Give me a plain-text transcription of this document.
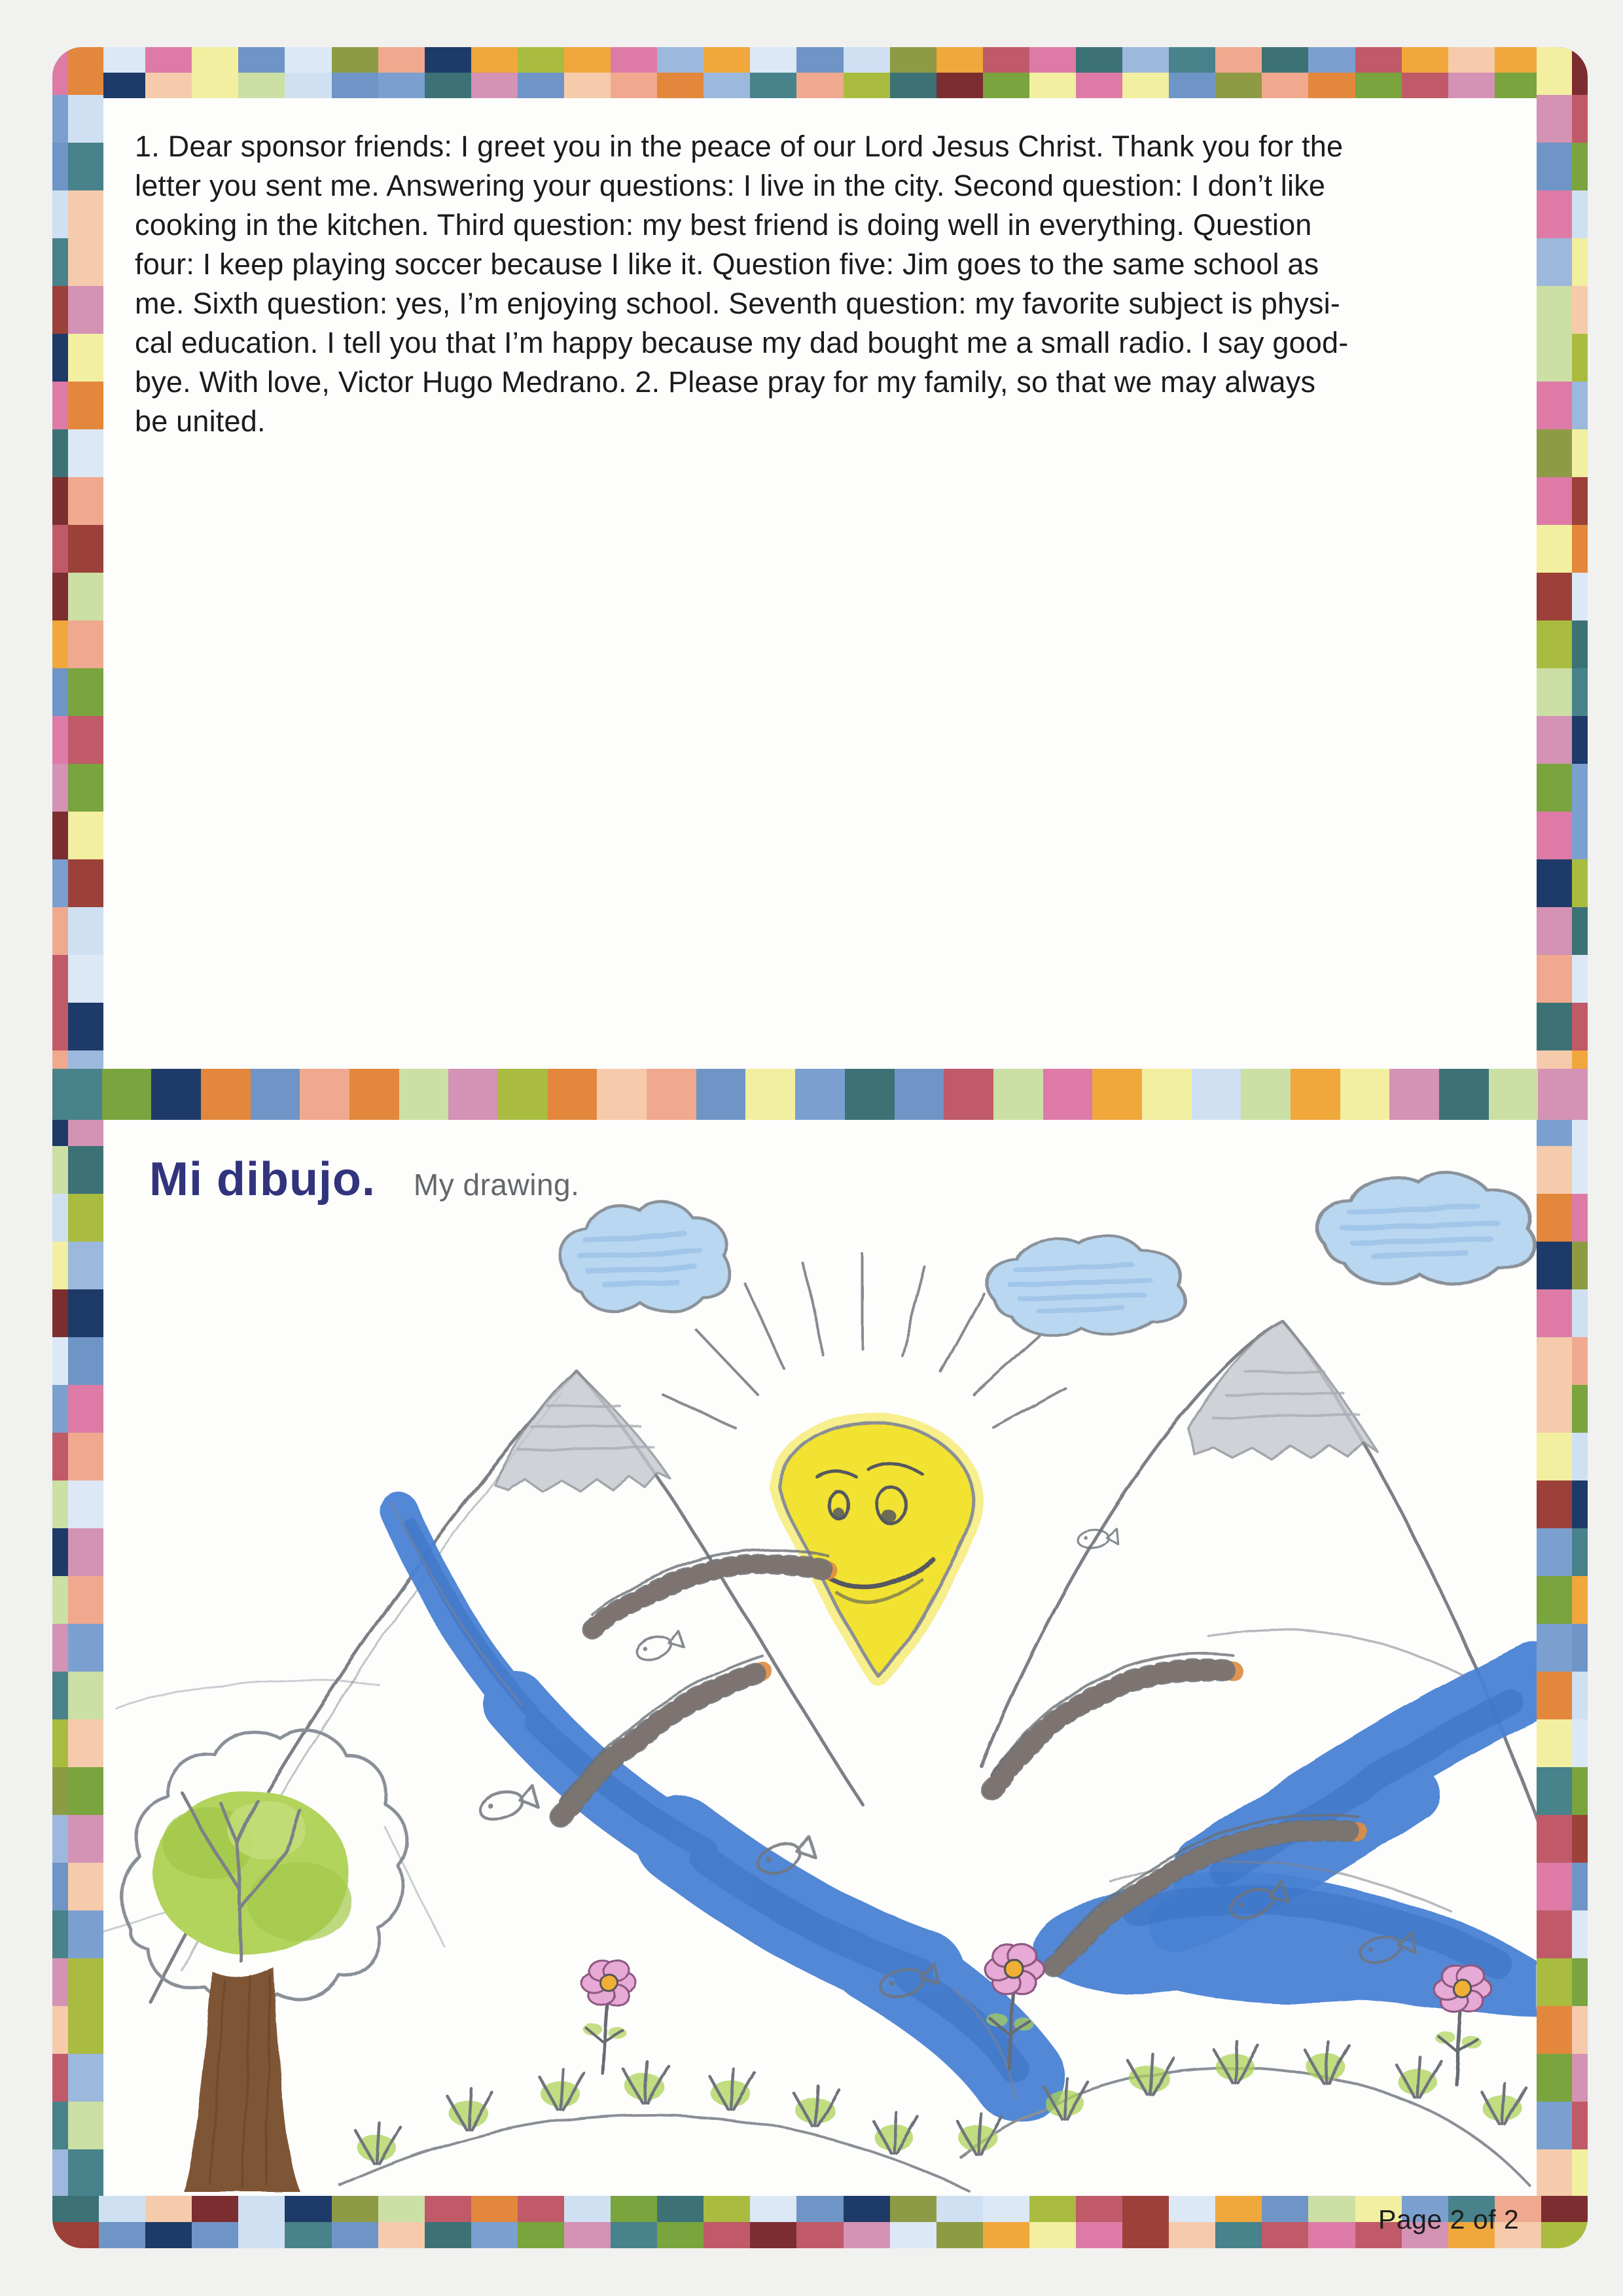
1. Dear sponsor friends: I greet you in the peace of our Lord Jesus Christ. Thank you for the
letter you sent me. Answering your questions: I live in the city. Second question: I don’t like
cooking in the kitchen. Third question: my best friend is doing well in everything. Question
four: I keep playing soccer because I like it. Question five: Jim goes to the same school as
me. Sixth question: yes, I’m enjoying school. Seventh question: my favorite subject is physi-
cal education. I tell you that I’m happy because my dad bought me a small radio. I say good-
bye. With love, Victor Hugo Medrano. 2. Please pray for my family, so that we may always
be united.
Mi dibujo. My drawing.
Page 2 of 2
